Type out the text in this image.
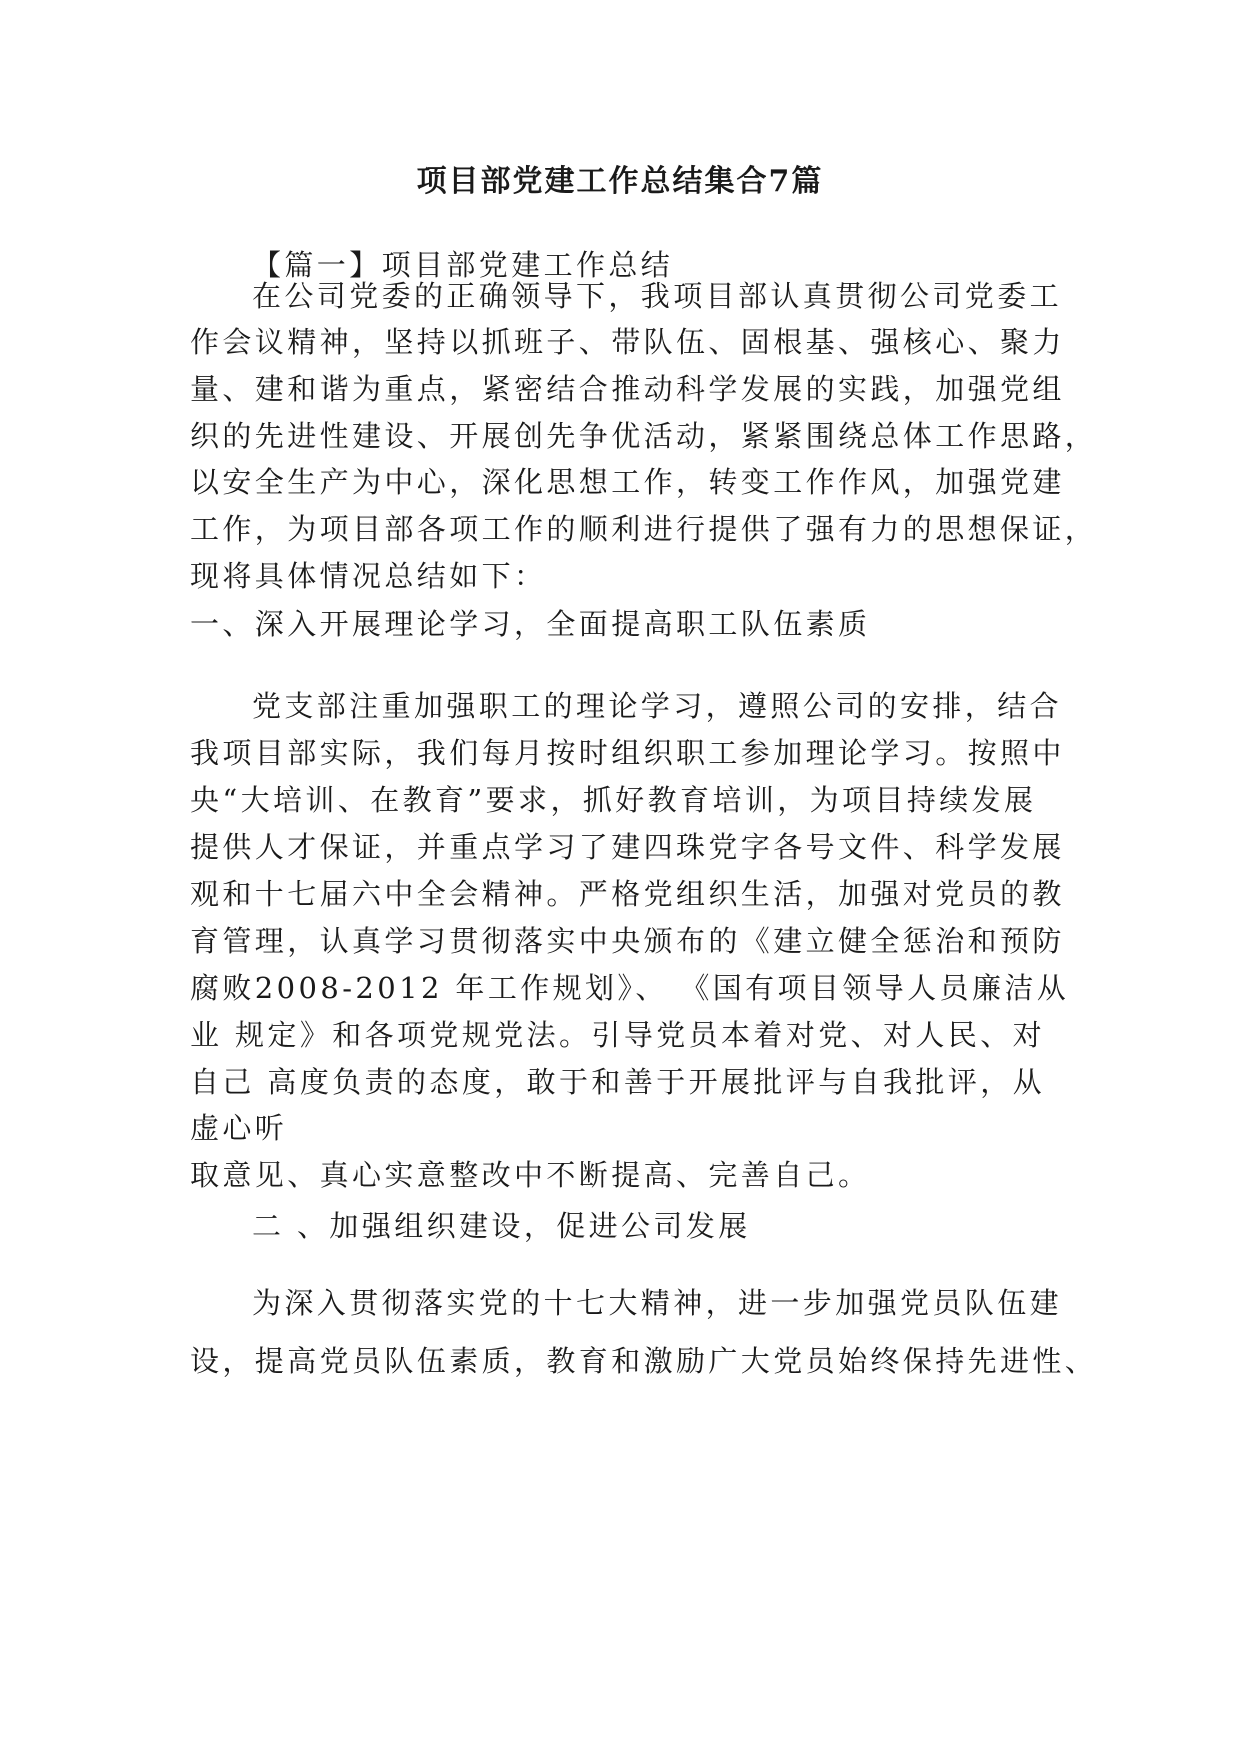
项目部党建工作总结集合7篇
【篇一】项目部党建工作总结
在公司党委的正确领导下，我项目部认真贯彻公司党委工
作会议精神，坚持以抓班子、带队伍、固根基、强核心、聚力
量、建和谐为重点，紧密结合推动科学发展的实践，加强党组
织的先进性建设、开展创先争优活动，紧紧围绕总体工作思路，
以安全生产为中心，深化思想工作，转变工作作风，加强党建
工作，为项目部各项工作的顺利进行提供了强有力的思想保证，
现将具体情况总结如下：
一、深入开展理论学习，全面提高职工队伍素质
党支部注重加强职工的理论学习，遵照公司的安排，结合
我项目部实际，我们每月按时组织职工参加理论学习。按照中
央“大培训、在教育”要求，抓好教育培训，为项目持续发展
提供人才保证，并重点学习了建四珠党字各号文件、科学发展
观和十七届六中全会精神。严格党组织生活，加强对党员的教
育管理，认真学习贯彻落实中央颁布的《建立健全惩治和预防
腐败2008-2012 年工作规划》、 《国有项目领导人员廉洁从
业 规定》和各项党规党法。引导党员本着对党、对人民、对
自己 高度负责的态度，敢于和善于开展批评与自我批评，从
虚心听
取意见、真心实意整改中不断提高、完善自己。
二 、加强组织建设，促进公司发展
为深入贯彻落实党的十七大精神，进一步加强党员队伍建
设，提高党员队伍素质，教育和激励广大党员始终保持先进性、
